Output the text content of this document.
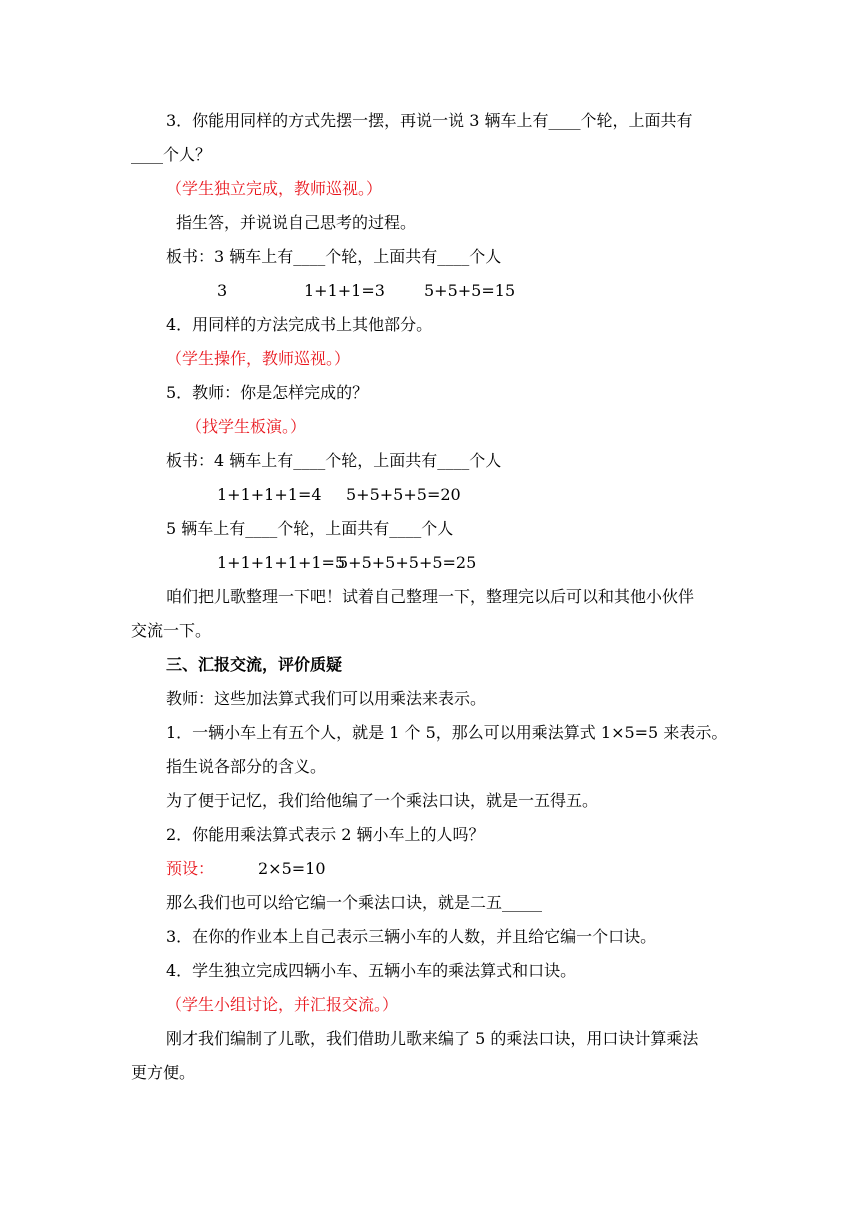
3．你能用同样的方式先摆一摆，再说一说 3 辆车上有____个轮，上面共有
____个人？
（学生独立完成，教师巡视。）
指生答，并说说自己思考的过程。
板书：3 辆车上有____个轮，上面共有____个人
3	1+1+1=3 5+5+5=15
4．用同样的方法完成书上其他部分。
（学生操作，教师巡视。）
5．教师：你是怎样完成的？
（找学生板演。）
板书：4 辆车上有____个轮，上面共有____个人
1+1+1+1=4 5+5+5+5=20
5 辆车上有____个轮，上面共有____个人
1+1+1+1+1=5
5+5+5+5+5=25
咱们把儿歌整理一下吧！试着自己整理一下，整理完以后可以和其他小伙伴
交流一下。
三、汇报交流，评价质疑
教师：这些加法算式我们可以用乘法来表示。
1．一辆小车上有五个人，就是 1 个 5，那么可以用乘法算式 1×5=5 来表示。
指生说各部分的含义。
为了便于记忆，我们给他编了一个乘法口诀，就是一五得五。
2．你能用乘法算式表示 2 辆小车上的人吗？
预设：	2×5=10
那么我们也可以给它编一个乘法口诀，就是二五_____
3．在你的作业本上自己表示三辆小车的人数，并且给它编一个口诀。
4．学生独立完成四辆小车、五辆小车的乘法算式和口诀。
（学生小组讨论，并汇报交流。）
刚才我们编制了儿歌，我们借助儿歌来编了 5 的乘法口诀，用口诀计算乘法
更方便。
